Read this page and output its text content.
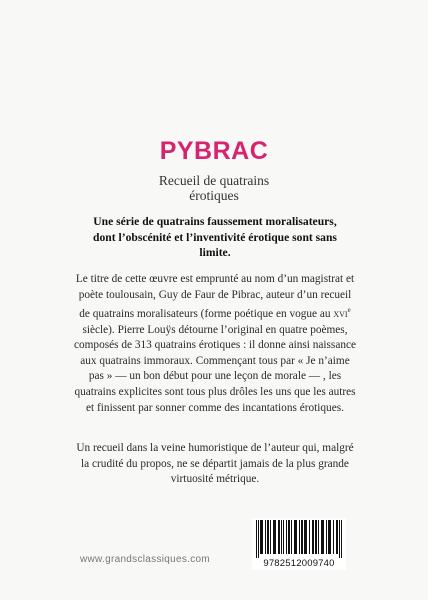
PYBRAC
Recueil de quatrains
érotiques
Une série de quatrains faussement moralisateurs, dont l’obscénité et l’inventivité érotique sont sans limite.

Le titre de cette œuvre est emprunté au nom d’un magistrat et poète toulousain, Guy de Faur de Pibrac, auteur d’un recueil de quatrains moralisateurs (forme poétique en vogue au xvi$^e$ siècle). Pierre Louÿs détourne l’original en quatre poèmes, composés de 313 quatrains érotiques : il donne ainsi naissance aux quatrains immoraux. Commençant tous par « Je n’aime pas » — un bon début pour une leçon de morale — , les quatrains explicites sont tous plus drôles les uns que les autres et finissent par sonner comme des incantations érotiques.

Un recueil dans la veine humoristique de l’auteur qui, malgré la crudité du propos, ne se départit jamais de la plus grande virtuosité métrique.
www.grandsclassiques.com	9782512009740
